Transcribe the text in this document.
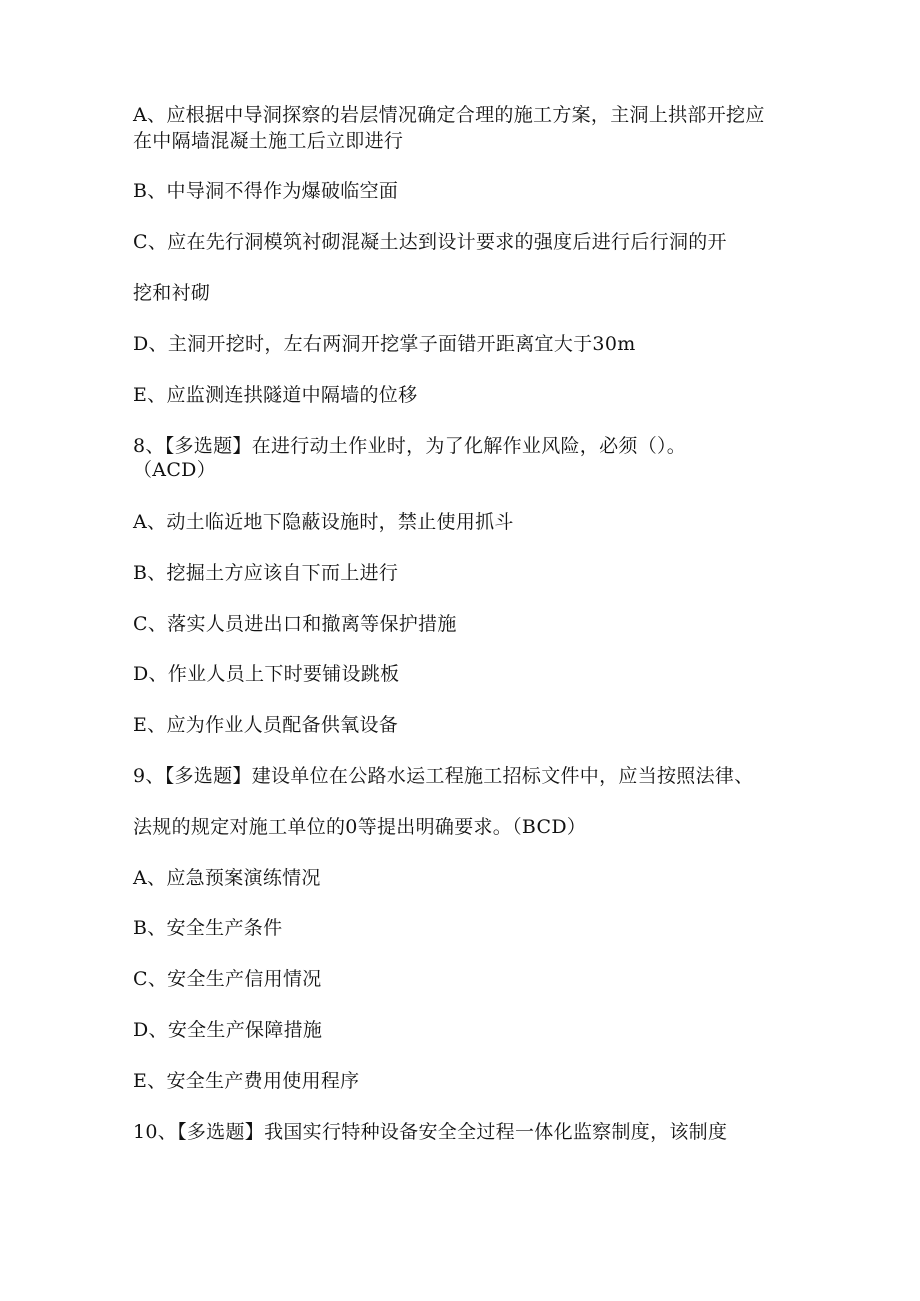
A、应根据中导洞探察的岩层情况确定合理的施工方案，主洞上拱部开挖应
在中隔墙混凝土施工后立即进行
B、中导洞不得作为爆破临空面
C、应在先行洞模筑衬砌混凝土达到设计要求的强度后进行后行洞的开
挖和衬砌
D、主洞开挖时，左右两洞开挖掌子面错开距离宜大于30m
E、应监测连拱隧道中隔墙的位移
8、【多选题】在进行动土作业时，为了化解作业风险，必须（）。
（ACD）
A、动土临近地下隐蔽设施时，禁止使用抓斗
B、挖掘土方应该自下而上进行
C、落实人员进出口和撤离等保护措施
D、作业人员上下时要铺设跳板
E、应为作业人员配备供氧设备
9、【多选题】建设单位在公路水运工程施工招标文件中，应当按照法律、
法规的规定对施工单位的0等提出明确要求。（BCD）
A、应急预案演练情况
B、安全生产条件
C、安全生产信用情况
D、安全生产保障措施
E、安全生产费用使用程序
10、【多选题】我国实行特种设备安全全过程一体化监察制度，该制度
